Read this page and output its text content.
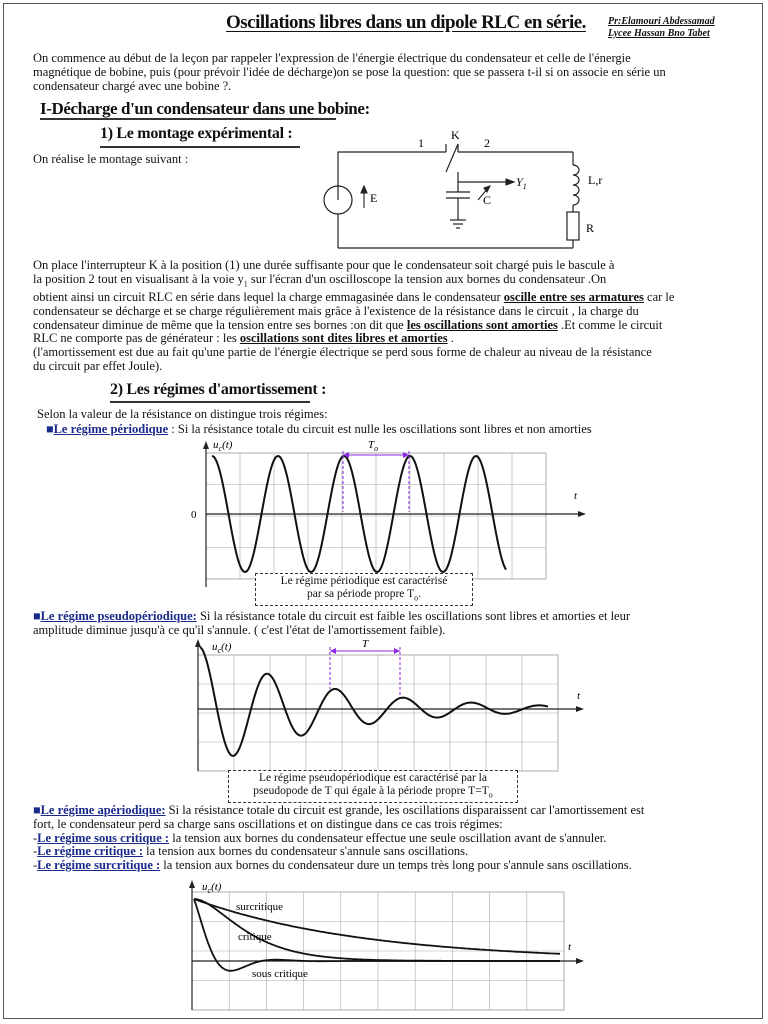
Oscillations libres dans un dipole RLC en série. Pr:Elamouri Abdessamad
Lycee Hassan Bno Tabet
On commence au début de la leçon par rappeler l'expression de l'énergie électrique du condensateur et celle de l'énergie
magnétique de bobine, puis (pour prévoir l'idée de décharge)on se pose la question: que se passera t-il si on associe en série un
condensateur chargé avec une bobine ?.
I-Décharge d'un condensateur dans une bobine:
1) Le montage expérimental :
On réalise le montage suivant :
1
K
2
$Y_1$	L,r
E	C
R
On place l'interrupteur K à la position (1) une durée suffisante pour que le condensateur soit chargé puis le bascule à
la position 2 tout en visualisant à la voie $y_1$ sur l'écran d'un oscilloscope la tension aux bornes du condensateur .On
obtient ainsi un circuit RLC en série dans lequel la charge emmagasinée dans le condensateur oscille entre ses armatures car le
condensateur se décharge et se charge régulièrement mais grâce à l'existence de la résistance dans le circuit , la charge du
condensateur diminue de même que la tension entre ses bornes :on dit que les oscillations sont amorties .Et comme le circuit
RLC ne comporte pas de générateur : les oscillations sont dites libres et amorties .
(l'amortissement est due au fait qu'une partie de l'énergie électrique se perd sous forme de chaleur au niveau de la résistance
du circuit par effet Joule).
2) Les régimes d'amortissement :
Selon la valeur de la résistance on distingue trois régimes:
■Le régime périodique : Si la résistance totale du circuit est nulle les oscillations sont libres et non amorties
$T_o$
$u_c(t)$
t
0
Le régime périodique est caractérisé
par sa période propre $T_o$.
■Le régime pseudopériodique: Si la résistance totale du circuit est faible les oscillations sont libres et amorties et leur
amplitude diminue jusqu'à ce qu'il s'annule. ( c'est l'état de l'amortissement faible).
T
$u_c(t)$
t
Le régime pseudopériodique est caractérisé par la
pseudopode de T qui égale à la période propre $T=T_o$
■Le régime apériodique: Si la résistance totale du circuit est grande, les oscillations disparaissent car l'amortissement est
fort, le condensateur perd sa charge sans oscillations et on distingue dans ce cas trois régimes:
-Le régime sous critique : la tension aux bornes du condensateur effectue une seule oscillation avant de s'annuler.
-Le régime critique : la tension aux bornes du condensateur s'annule sans oscillations.
-Le régime surcritique : la tension aux bornes du condensateur dure un temps très long pour s'annule sans oscillations.
$u_c(t)$
t
surcritique
critique
sous critique
